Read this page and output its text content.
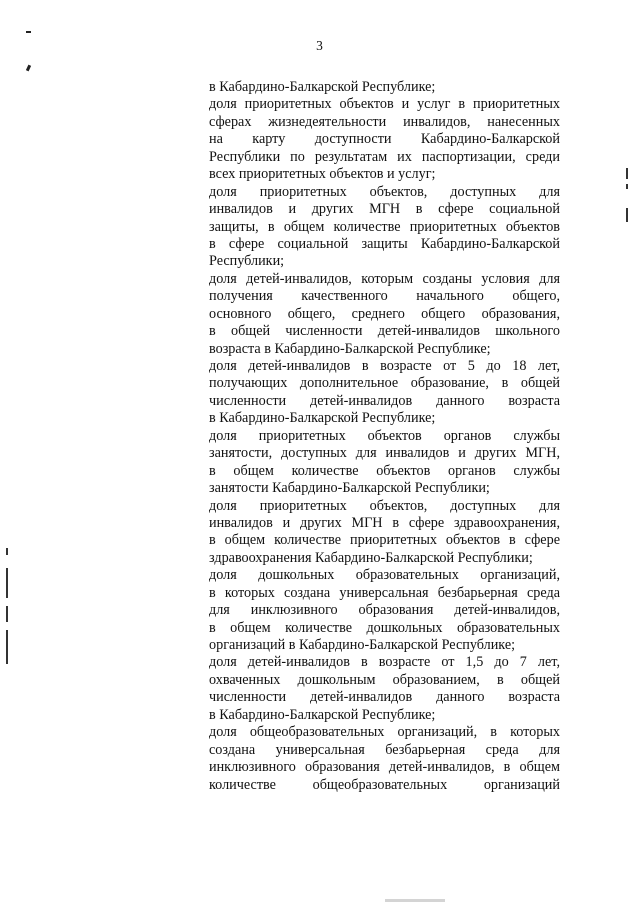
3
в Кабардино-Балкарской Республике;
доля приоритетных объектов и услуг в приоритетных
сферах жизнедеятельности инвалидов, нанесенных
на карту доступности Кабардино-Балкарской
Республики по результатам их паспортизации, среди
всех приоритетных объектов и услуг;
доля приоритетных объектов, доступных для
инвалидов и других МГН в сфере социальной
защиты, в общем количестве приоритетных объектов
в сфере социальной защиты Кабардино-Балкарской
Республики;
доля детей-инвалидов, которым созданы условия для
получения качественного начального общего,
основного общего, среднего общего образования,
в общей численности детей-инвалидов школьного
возраста в Кабардино-Балкарской Республике;
доля детей-инвалидов в возрасте от 5 до 18 лет,
получающих дополнительное образование, в общей
численности детей-инвалидов данного возраста
в Кабардино-Балкарской Республике;
доля приоритетных объектов органов службы
занятости, доступных для инвалидов и других МГН,
в общем количестве объектов органов службы
занятости Кабардино-Балкарской Республики;
доля приоритетных объектов, доступных для
инвалидов и других МГН в сфере здравоохранения,
в общем количестве приоритетных объектов в сфере
здравоохранения Кабардино-Балкарской Республики;
доля дошкольных образовательных организаций,
в которых создана универсальная безбарьерная среда
для инклюзивного образования детей-инвалидов,
в общем количестве дошкольных образовательных
организаций в Кабардино-Балкарской Республике;
доля детей-инвалидов в возрасте от 1,5 до 7 лет,
охваченных дошкольным образованием, в общей
численности детей-инвалидов данного возраста
в Кабардино-Балкарской Республике;
доля общеобразовательных организаций, в которых
создана универсальная безбарьерная среда для
инклюзивного образования детей-инвалидов, в общем
количестве общеобразовательных организаций
